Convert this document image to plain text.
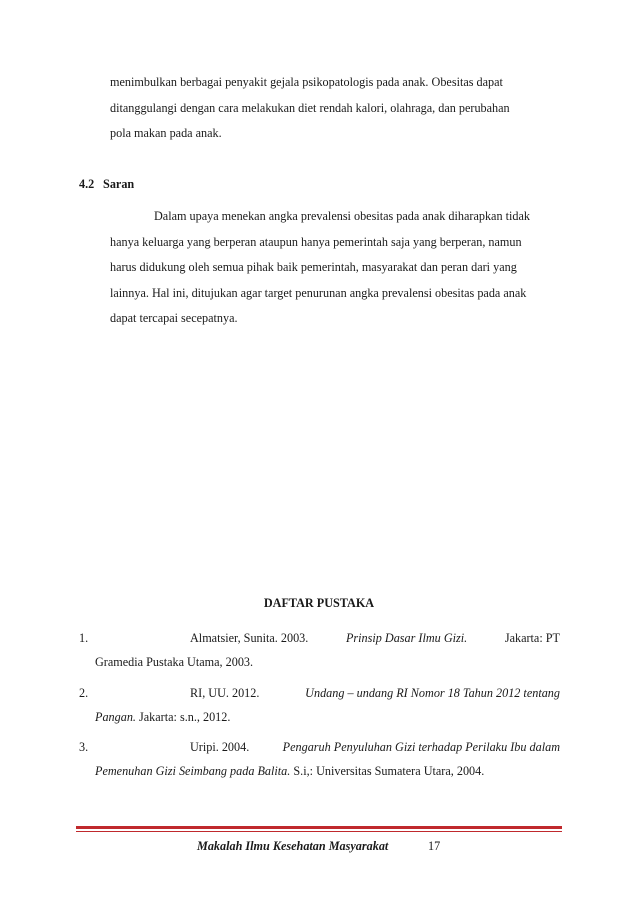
menimbulkan berbagai penyakit gejala psikopatologis pada anak. Obesitas dapat

ditanggulangi dengan cara melakukan diet rendah kalori, olahraga, dan perubahan

pola makan pada anak.

4.2 Saran

Dalam upaya menekan angka prevalensi obesitas pada anak diharapkan tidak

hanya keluarga yang berperan ataupun hanya pemerintah saja yang berperan, namun

harus didukung oleh semua pihak baik pemerintah, masyarakat dan peran dari yang

lainnya. Hal ini, ditujukan agar target penurunan angka prevalensi obesitas pada anak

dapat tercapai secepatnya.

DAFTAR PUSTAKA
1.	Almatsier, Sunita. 2003.	Prinsip Dasar Ilmu Gizi.	Jakarta: PT
Gramedia Pustaka Utama, 2003.
2.	RI, UU. 2012.	Undang – undang RI Nomor 18 Tahun 2012 tentang
Pangan. Jakarta: s.n., 2012.
3.	Uripi. 2004.	Pengaruh Penyuluhan Gizi terhadap Perilaku Ibu dalam
Pemenuhan Gizi Seimbang pada Balita. S.i,: Universitas Sumatera Utara, 2004.
Makalah Ilmu Kesehatan Masyarakat	17
